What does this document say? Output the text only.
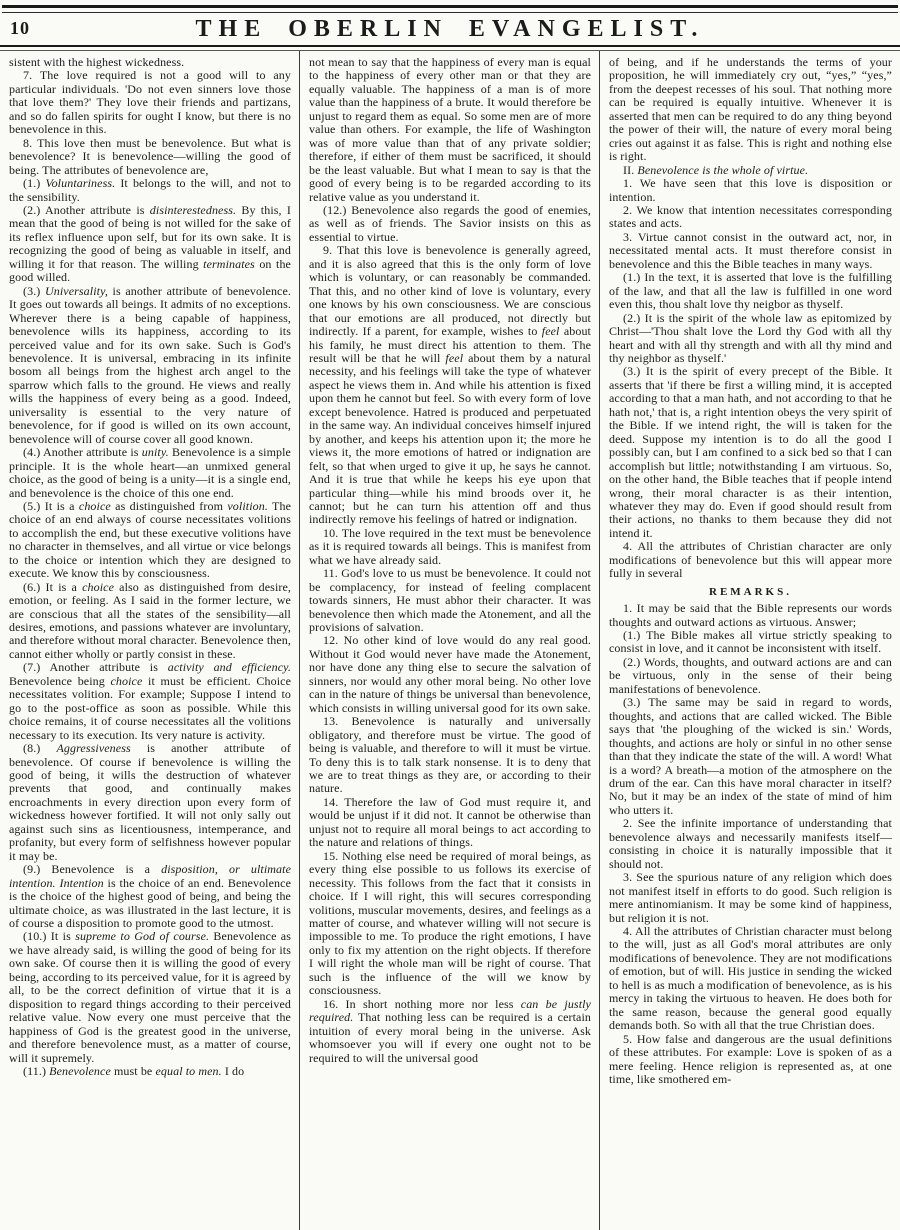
10	THE OBERLIN EVANGELIST.

sistent with the highest wickedness.

7. The love required is not a good will to any particular individuals. 'Do not even sinners love those that love them?' They love their friends and partizans, and so do fallen spirits for ought I know, but there is no benevolence in this.

8. This love then must be benevolence. But what is benevolence? It is benevolence—willing the good of being. The attributes of benevolence are,

(1.) Voluntariness. It belongs to the will, and not to the sensibility.

(2.) Another attribute is disinterestedness. By this, I mean that the good of being is not willed for the sake of its reflex influence upon self, but for its own sake. It is recognizing the good of being as valuable in itself, and willing it for that reason. The willing terminates on the good willed.

(3.) Universality, is another attribute of benevolence. It goes out towards all beings. It admits of no exceptions. Wherever there is a being capable of happiness, benevolence wills its happiness, according to its perceived value and for its own sake. Such is God's benevolence. It is universal, embracing in its infinite bosom all beings from the highest arch angel to the sparrow which falls to the ground. He views and really wills the happiness of every being as a good. Indeed, universality is essential to the very nature of benevolence, for if good is willed on its own account, benevolence will of course cover all good known.

(4.) Another attribute is unity. Benevolence is a simple principle. It is the whole heart—an unmixed general choice, as the good of being is a unity—it is a single end, and benevolence is the choice of this one end.

(5.) It is a choice as distinguished from volition. The choice of an end always of course necessitates volitions to accomplish the end, but these executive volitions have no character in themselves, and all virtue or vice belongs to the choice or intention which they are designed to execute. We know this by consciousness.

(6.) It is a choice also as distinguished from desire, emotion, or feeling. As I said in the former lecture, we are conscious that all the states of the sensibility—all desires, emotions, and passions whatever are involuntary, and therefore without moral character. Benevolence then, cannot either wholly or partly consist in these.

(7.) Another attribute is activity and efficiency. Benevolence being choice it must be efficient. Choice necessitates volition. For example; Suppose I intend to go to the post-office as soon as possible. While this choice remains, it of course necessitates all the volitions necessary to its execution. Its very nature is activity.

(8.) Aggressiveness is another attribute of benevolence. Of course if benevolence is willing the good of being, it wills the destruction of whatever prevents that good, and continually makes encroachments in every direction upon every form of wickedness however fortified. It will not only sally out against such sins as licentiousness, intemperance, and profanity, but every form of selfishness however popular it may be.

(9.) Benevolence is a disposition, or ultimate intention. Intention is the choice of an end. Benevolence is the choice of the highest good of being, and being the ultimate choice, as was illustrated in the last lecture, it is of course a disposition to promote good to the utmost.

(10.) It is supreme to God of course. Benevolence as we have already said, is willing the good of being for its own sake. Of course then it is willing the good of every being, according to its perceived value, for it is agreed by all, to be the correct definition of virtue that it is a disposition to regard things according to their perceived relative value. Now every one must perceive that the happiness of God is the greatest good in the universe, and therefore benevolence must, as a matter of course, will it supremely.

(11.) Benevolence must be equal to men. I do

not mean to say that the happiness of every man is equal to the happiness of every other man or that they are equally valuable. The happiness of a man is of more value than the happiness of a brute. It would therefore be unjust to regard them as equal. So some men are of more value than others. For example, the life of Washington was of more value than that of any private soldier; therefore, if either of them must be sacrificed, it should be the least valuable. But what I mean to say is that the good of every being is to be regarded according to its relative value as you understand it.

(12.) Benevolence also regards the good of enemies, as well as of friends. The Savior insists on this as essential to virtue.

9. That this love is benevolence is generally agreed, and it is also agreed that this is the only form of love which is voluntary, or can reasonably be commanded. That this, and no other kind of love is voluntary, every one knows by his own consciousness. We are conscious that our emotions are all produced, not directly but indirectly. If a parent, for example, wishes to feel about his family, he must direct his attention to them. The result will be that he will feel about them by a natural necessity, and his feelings will take the type of whatever aspect he views them in. And while his attention is fixed upon them he cannot but feel. So with every form of love except benevolence. Hatred is produced and perpetuated in the same way. An individual conceives himself injured by another, and keeps his attention upon it; the more he views it, the more emotions of hatred or indignation are felt, so that when urged to give it up, he says he cannot. And it is true that while he keeps his eye upon that particular thing—while his mind broods over it, he cannot; but he can turn his attention off and thus indirectly remove his feelings of hatred or indignation.

10. The love required in the text must be benevolence as it is required towards all beings. This is manifest from what we have already said.

11. God's love to us must be benevolence. It could not be complacency, for instead of feeling complacent towards sinners, He must abhor their character. It was benevolence then which made the Atonement, and all the provisions of salvation.

12. No other kind of love would do any real good. Without it God would never have made the Atonement, nor have done any thing else to secure the salvation of sinners, nor would any other moral being. No other love can in the nature of things be universal than benevolence, which consists in willing universal good for its own sake.

13. Benevolence is naturally and universally obligatory, and therefore must be virtue. The good of being is valuable, and therefore to will it must be virtue. To deny this is to talk stark nonsense. It is to deny that we are to treat things as they are, or according to their nature.

14. Therefore the law of God must require it, and would be unjust if it did not. It cannot be otherwise than unjust not to require all moral beings to act according to the nature and relations of things.

15. Nothing else need be required of moral beings, as every thing else possible to us follows its exercise of necessity. This follows from the fact that it consists in choice. If I will right, this will secures corresponding volitions, muscular movements, desires, and feelings as a matter of course, and whatever willing will not secure is impossible to me. To produce the right emotions, I have only to fix my attention on the right objects. If therefore I will right the whole man will be right of course. That such is the influence of the will we know by consciousness.

16. In short nothing more nor less can be justly required. That nothing less can be required is a certain intuition of every moral being in the universe. Ask whomsoever you will if every one ought not to be required to will the universal good

of being, and if he understands the terms of your proposition, he will immediately cry out, “yes,” “yes,” from the deepest recesses of his soul. That nothing more can be required is equally intuitive. Whenever it is asserted that men can be required to do any thing beyond the power of their will, the nature of every moral being cries out against it as false. This is right and nothing else is right.

II. Benevolence is the whole of virtue.

1. We have seen that this love is disposition or intention.

2. We know that intention necessitates corresponding states and acts.

3. Virtue cannot consist in the outward act, nor, in necessitated mental acts. It must therefore consist in benevolence and this the Bible teaches in many ways.

(1.) In the text, it is asserted that love is the fulfilling of the law, and that all the law is fulfilled in one word even this, thou shalt love thy neigbor as thyself.

(2.) It is the spirit of the whole law as epitomized by Christ—'Thou shalt love the Lord thy God with all thy heart and with all thy strength and with all thy mind and thy neighbor as thyself.'

(3.) It is the spirit of every precept of the Bible. It asserts that 'if there be first a willing mind, it is accepted according to that a man hath, and not according to that he hath not,' that is, a right intention obeys the very spirit of the Bible. If we intend right, the will is taken for the deed. Suppose my intention is to do all the good I possibly can, but I am confined to a sick bed so that I can accomplish but little; notwithstanding I am virtuous. So, on the other hand, the Bible teaches that if people intend wrong, their moral character is as their intention, whatever they may do. Even if good should result from their actions, no thanks to them because they did not intend it.

4. All the attributes of Christian character are only modifications of benevolence but this will appear more fully in several

REMARKS.

1. It may be said that the Bible represents our words thoughts and outward actions as virtuous. Answer;

(1.) The Bible makes all virtue strictly speaking to consist in love, and it cannot be inconsistent with itself.

(2.) Words, thoughts, and outward actions are and can be virtuous, only in the sense of their being manifestations of benevolence.

(3.) The same may be said in regard to words, thoughts, and actions that are called wicked. The Bible says that 'the ploughing of the wicked is sin.' Words, thoughts, and actions are holy or sinful in no other sense than that they indicate the state of the will. A word! What is a word? A breath—a motion of the atmosphere on the drum of the ear. Can this have moral character in itself? No, but it may be an index of the state of mind of him who utters it.

2. See the infinite importance of understanding that benevolence always and necessarily manifests itself—consisting in choice it is naturally impossible that it should not.

3. See the spurious nature of any religion which does not manifest itself in efforts to do good. Such religion is mere antinomianism. It may be some kind of happiness, but religion it is not.

4. All the attributes of Christian character must belong to the will, just as all God's moral attributes are only modifications of benevolence. They are not modifications of emotion, but of will. His justice in sending the wicked to hell is as much a modification of benevolence, as is his mercy in taking the virtuous to heaven. He does both for the same reason, because the general good equally demands both. So with all that the true Christian does.

5. How false and dangerous are the usual definitions of these attributes. For example: Love is spoken of as a mere feeling. Hence religion is represented as, at one time, like smothered em-
